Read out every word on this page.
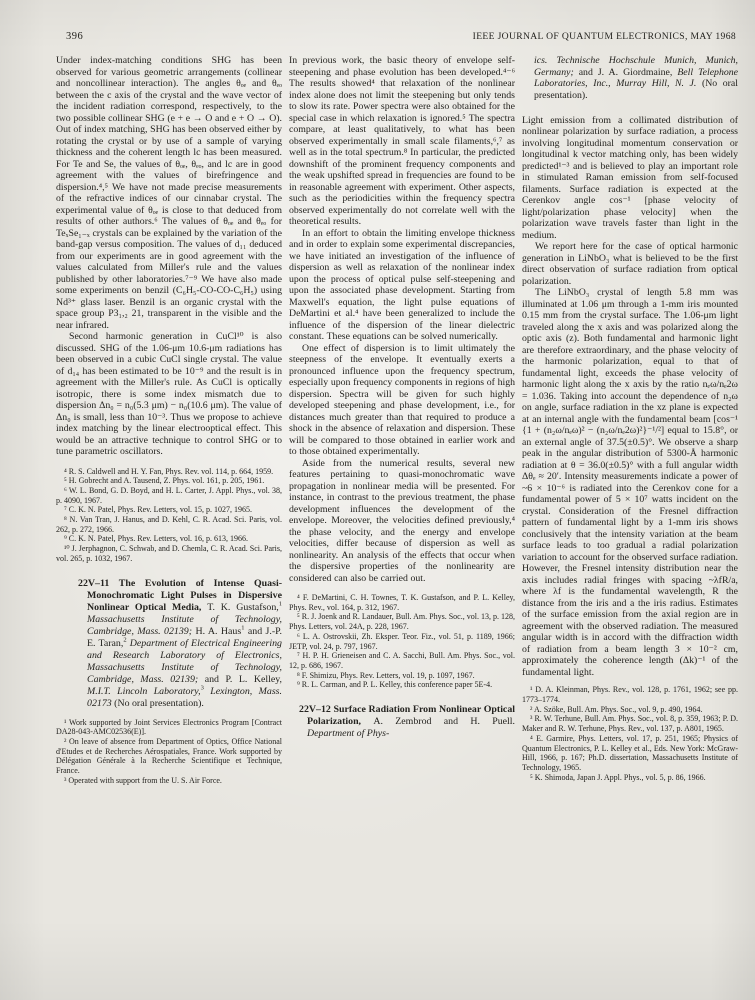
396	IEEE JOURNAL OF QUANTUM ELECTRONICS, MAY 1968

Under index-matching conditions SHG has been observed for various geometric arrangements (collinear and noncollinear interaction). The angles θₒₑ and θₑₒ between the c axis of the crystal and the wave vector of the incident radiation correspond, respectively, to the two possible collinear SHG (e + e → O and e + O → O). Out of index matching, SHG has been observed either by rotating the crystal or by use of a sample of varying thickness and the coherent length lc has been measured. For Te and Se, the values of θₒₑ, θₑₒ, and lc are in good agreement with the values of birefringence and dispersion.⁴,⁵ We have not made precise measurements of the refractive indices of our cinnabar crystal. The experimental value of θₒₑ is close to that deduced from results of other authors.⁶ The values of θₒₑ and θₑₒ for TeₓSe₁₋ₓ crystals can be explained by the variation of the band-gap versus composition. The values of d₁₁ deduced from our experiments are in good agreement with the values calculated from Miller's rule and the values published by other laboratories.⁷⁻⁹ We have also made some experiments on benzil (C₆H₅-CO-CO-C₆H₅) using Nd³⁺ glass laser. Benzil is an organic crystal with the space group P3₁,₂ 21, transparent in the visible and the near infrared.

Second harmonic generation in CuCl¹⁰ is also discussed. SHG of the 1.06-μm 10.6-μm radiations has been observed in a cubic CuCl single crystal. The value of d₁₄ has been estimated to be 10⁻⁹ and the result is in agreement with the Miller's rule. As CuCl is optically isotropic, there is some index mismatch due to dispersion Δn₀ = n₀(5.3 μm) − n₀(10.6 μm). The value of Δn₀ is small, less than 10⁻³. Thus we propose to achieve index matching by the linear electrooptical effect. This would be an attractive technique to control SHG or to tune parametric oscillators.

⁴ R. S. Caldwell and H. Y. Fan, Phys. Rev. vol. 114, p. 664, 1959.

⁵ H. Gobrecht and A. Tausend, Z. Phys. vol. 161, p. 205, 1961.

⁶ W. L. Bond, G. D. Boyd, and H. L. Carter, J. Appl. Phys., vol. 38, p. 4090, 1967.

⁷ C. K. N. Patel, Phys. Rev. Letters, vol. 15, p. 1027, 1965.

⁸ N. Van Tran, J. Hanus, and D. Kehl, C. R. Acad. Sci. Paris, vol. 262, p. 272, 1966.

⁹ C. K. N. Patel, Phys. Rev. Letters, vol. 16, p. 613, 1966.

¹⁰ J. Jerphagnon, C. Schwab, and D. Chemla, C. R. Acad. Sci. Paris, vol. 265, p. 1032, 1967.

22V–11 The Evolution of Intense Quasi-Monochromatic Light Pulses in Dispersive Nonlinear Optical Media, T. K. Gustafson,$^1$ Massachusetts Institute of Technology, Cambridge, Mass. 02139; H. A. Haus$^1$ and J.-P. E. Taran,$^2$ Department of Electrical Engineering and Research Laboratory of Electronics, Massachusetts Institute of Technology, Cambridge, Mass. 02139; and P. L. Kelley, M.I.T. Lincoln Laboratory,$^3$ Lexington, Mass. 02173 (No oral presentation).

¹ Work supported by Joint Services Electronics Program [Contract DA28-043-AMC02536(E)].

² On leave of absence from Department of Optics, Office National d'Etudes et de Recherches Aérospatiales, France. Work supported by Délégation Générale à la Recherche Scientifique et Technique, France.

³ Operated with support from the U. S. Air Force.

In previous work, the basic theory of envelope self-steepening and phase evolution has been developed.⁴⁻⁶ The results showed⁴ that relaxation of the nonlinear index alone does not limit the steepening but only tends to slow its rate. Power spectra were also obtained for the special case in which relaxation is ignored.⁵ The spectra compare, at least qualitatively, to what has been observed experimentally in small scale filaments,⁶,⁷ as well as in the total spectrum.⁸ In particular, the predicted downshift of the prominent frequency components and the weak upshifted spread in frequencies are found to be in reasonable agreement with experiment. Other aspects, such as the periodicities within the frequency spectra observed experimentally do not correlate well with the theoretical results.

In an effort to obtain the limiting envelope thickness and in order to explain some experimental discrepancies, we have initiated an investigation of the influence of dispersion as well as relaxation of the nonlinear index upon the process of optical pulse self-steepening and upon the associated phase development. Starting from Maxwell's equation, the light pulse equations of DeMartini et al.⁴ have been generalized to include the influence of the dispersion of the linear dielectric constant. These equations can be solved numerically.

One effect of dispersion is to limit ultimately the steepness of the envelope. It eventually exerts a pronounced influence upon the frequency spectrum, especially upon frequency components in regions of high dispersion. Spectra will be given for such highly developed steepening and phase development, i.e., for distances much greater than that required to produce a shock in the absence of relaxation and dispersion. These will be compared to those obtained in earlier work and to those obtained experimentally.

Aside from the numerical results, several new features pertaining to quasi-monochromatic wave propagation in nonlinear media will be presented. For instance, in contrast to the previous treatment, the phase development influences the development of the envelope. Moreover, the velocities defined previously,⁴ the phase velocity, and the energy and envelope velocities, differ because of dispersion as well as nonlinearity. An analysis of the effects that occur when the dispersive properties of the nonlinearity are considered can also be carried out.

⁴ F. DeMartini, C. H. Townes, T. K. Gustafson, and P. L. Kelley, Phys. Rev., vol. 164, p. 312, 1967.

⁵ R. J. Joenk and R. Landauer, Bull. Am. Phys. Soc., vol. 13, p. 128, Phys. Letters, vol. 24A, p. 228, 1967.

⁶ L. A. Ostrovskii, Zh. Eksper. Teor. Fiz., vol. 51, p. 1189, 1966; JETP, vol. 24, p. 797, 1967.

⁷ H. P. H. Grieneisen and C. A. Sacchi, Bull. Am. Phys. Soc., vol. 12, p. 686, 1967.

⁸ F. Shimizu, Phys. Rev. Letters, vol. 19, p. 1097, 1967.

⁹ R. L. Carman, and P. L. Kelley, this conference paper 5E-4.

22V–12 Surface Radiation From Nonlinear Optical Polarization, A. Zembrod and H. Puell. Department of Phys-

ics. Technische Hochschule Munich, Munich, Germany; and J. A. Giordmaine, Bell Telephone Laboratories, Inc., Murray Hill, N. J. (No oral presentation).

Light emission from a collimated distribution of nonlinear polarization by surface radiation, a process involving longitudinal momentum conservation or longitudinal k vector matching only, has been widely predicted¹⁻³ and is believed to play an important role in stimulated Raman emission from self-focused filaments. Surface radiation is expected at the Cerenkov angle cos⁻¹ [phase velocity of light/polarization phase velocity] when the polarization wave travels faster than light in the medium.

We report here for the case of optical harmonic generation in LiNbO₃ what is believed to be the first direct observation of surface radiation from optical polarization.

The LiNbO₃ crystal of length 5.8 mm was illuminated at 1.06 μm through a 1-mm iris mounted 0.15 mm from the crystal surface. The 1.06-μm light traveled along the x axis and was polarized along the optic axis (z). Both fundamental and harmonic light are therefore extraordinary, and the phase velocity of the harmonic polarization, equal to that of fundamental light, exceeds the phase velocity of harmonic light along the x axis by the ratio nₑω/nₑ2ω = 1.036. Taking into account the dependence of n₂ω on angle, surface radiation in the xz plane is expected at an internal angle with the fundamental beam [cos⁻¹ {1 + (n₂ω/nₑω)² − (n₂ω/nₑ2ω)²}⁻¹/²] equal to 15.8°, or an external angle of 37.5(±0.5)°. We observe a sharp peak in the angular distribution of 5300-Å harmonic radiation at θ = 36.0(±0.5)° with a full angular width Δθₑ ≈ 20′. Intensity measurements indicate a power of ~6 × 10⁻⁶ is radiated into the Cerenkov cone for a fundamental power of 5 × 10⁷ watts incident on the crystal. Consideration of the Fresnel diffraction pattern of fundamental light by a 1-mm iris shows conclusively that the intensity variation at the beam surface leads to too gradual a radial polarization variation to account for the observed surface radiation. However, the Fresnel intensity distribution near the axis includes radial fringes with spacing ~λfR/a, where λf is the fundamental wavelength, R the distance from the iris and a the iris radius. Estimates of the surface emission from the axial region are in agreement with the observed radiation. The measured angular width is in accord with the diffraction width of radiation from a beam length 3 × 10⁻² cm, approximately the coherence length (Δk)⁻¹ of the fundamental light.

¹ D. A. Kleinman, Phys. Rev., vol. 128, p. 1761, 1962; see pp. 1773–1774.

² A. Szöke, Bull. Am. Phys. Soc., vol. 9, p. 490, 1964.

³ R. W. Terhune, Bull. Am. Phys. Soc., vol. 8, p. 359, 1963; P. D. Maker and R. W. Terhune, Phys. Rev., vol. 137, p. A801, 1965.

⁴ E. Garmire, Phys. Letters, vol. 17, p. 251, 1965; Physics of Quantum Electronics, P. L. Kelley et al., Eds. New York: McGraw-Hill, 1966, p. 167; Ph.D. dissertation, Massachusetts Institute of Technology, 1965.

⁵ K. Shimoda, Japan J. Appl. Phys., vol. 5, p. 86, 1966.
